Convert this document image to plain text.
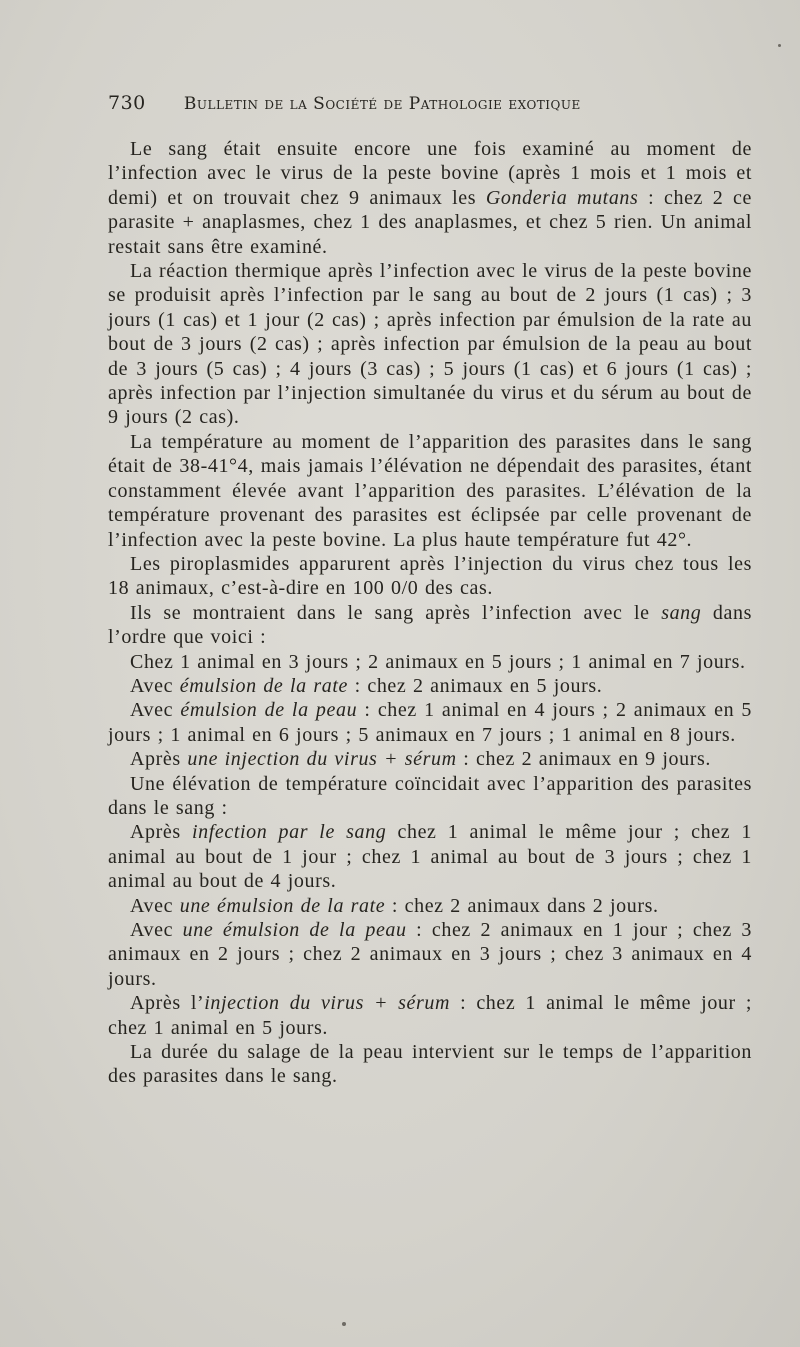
730 Bulletin de la Société de Pathologie exotique

Le sang était ensuite encore une fois examiné au moment de l’infection avec le virus de la peste bovine (après 1 mois et 1 mois et demi) et on trouvait chez 9 animaux les Gonderia mutans : chez 2 ce parasite + anaplasmes, chez 1 des anaplasmes, et chez 5 rien. Un animal restait sans être examiné.

La réaction thermique après l’infection avec le virus de la peste bovine se produisit après l’infection par le sang au bout de 2 jours (1 cas) ; 3 jours (1 cas) et 1 jour (2 cas) ; après infection par émulsion de la rate au bout de 3 jours (2 cas) ; après infection par émulsion de la peau au bout de 3 jours (5 cas) ; 4 jours (3 cas) ; 5 jours (1 cas) et 6 jours (1 cas) ; après infection par l’injection simultanée du virus et du sérum au bout de 9 jours (2 cas).

La température au moment de l’apparition des parasites dans le sang était de 38-41°4, mais jamais l’élévation ne dépendait des parasites, étant constamment élevée avant l’apparition des parasites. L’élévation de la température provenant des parasites est éclipsée par celle provenant de l’infection avec la peste bovine. La plus haute température fut 42°.

Les piroplasmides apparurent après l’injection du virus chez tous les 18 animaux, c’est-à-dire en 100 0/0 des cas.

Ils se montraient dans le sang après l’infection avec le sang dans l’ordre que voici :

Chez 1 animal en 3 jours ; 2 animaux en 5 jours ; 1 animal en 7 jours.

Avec émulsion de la rate : chez 2 animaux en 5 jours.

Avec émulsion de la peau : chez 1 animal en 4 jours ; 2 animaux en 5 jours ; 1 animal en 6 jours ; 5 animaux en 7 jours ; 1 animal en 8 jours.

Après une injection du virus + sérum : chez 2 animaux en 9 jours.

Une élévation de température coïncidait avec l’apparition des parasites dans le sang :

Après infection par le sang chez 1 animal le même jour ; chez 1 animal au bout de 1 jour ; chez 1 animal au bout de 3 jours ; chez 1 animal au bout de 4 jours.

Avec une émulsion de la rate : chez 2 animaux dans 2 jours.

Avec une émulsion de la peau : chez 2 animaux en 1 jour ; chez 3 animaux en 2 jours ; chez 2 animaux en 3 jours ; chez 3 animaux en 4 jours.

Après l’injection du virus + sérum : chez 1 animal le même jour ; chez 1 animal en 5 jours.

La durée du salage de la peau intervient sur le temps de l’apparition des parasites dans le sang.
